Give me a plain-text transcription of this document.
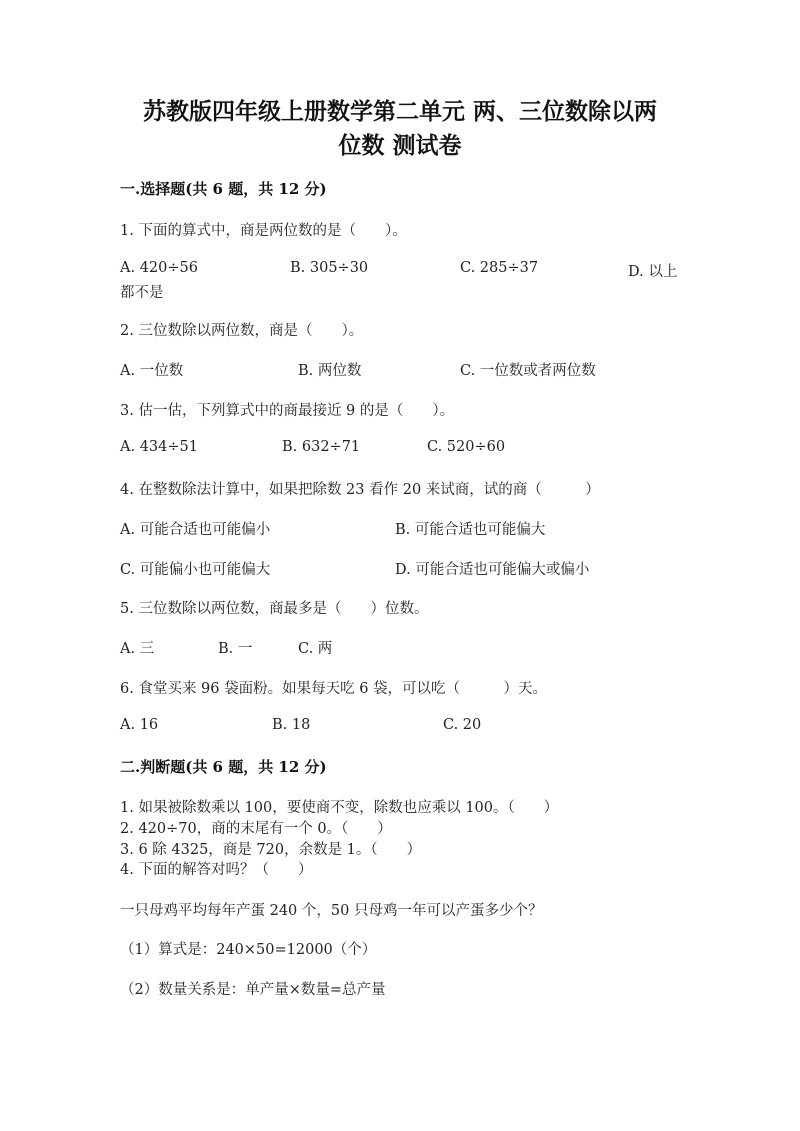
苏教版四年级上册数学第二单元 两、三位数除以两
位数 测试卷
一.选择题(共 6 题，共 12 分)
1. 下面的算式中，商是两位数的是（　　）。
A. 420÷56	B. 305÷30	C. 285÷37	D. 以上
都不是
2. 三位数除以两位数，商是（　　）。
A. 一位数	B. 两位数	C. 一位数或者两位数
3. 估一估，下列算式中的商最接近 9 的是（　　）。
A. 434÷51	B. 632÷71	C. 520÷60
4. 在整数除法计算中，如果把除数 23 看作 20 来试商，试的商（　　　）
A. 可能合适也可能偏小	B. 可能合适也可能偏大
C. 可能偏小也可能偏大	D. 可能合适也可能偏大或偏小
5. 三位数除以两位数，商最多是（　　）位数。
A. 三	B. 一	C. 两
6. 食堂买来 96 袋面粉。如果每天吃 6 袋，可以吃（　　　）天。
A. 16	B. 18	C. 20
二.判断题(共 6 题，共 12 分)
1. 如果被除数乘以 100，要使商不变，除数也应乘以 100。（　　）
2. 420÷70，商的末尾有一个 0。（　　）
3. 6 除 4325，商是 720，余数是 1。（　　）
4. 下面的解答对吗？（　　）
一只母鸡平均每年产蛋 240 个，50 只母鸡一年可以产蛋多少个？
（1）算式是：240×50=12000（个）
（2）数量关系是：单产量×数量=总产量
